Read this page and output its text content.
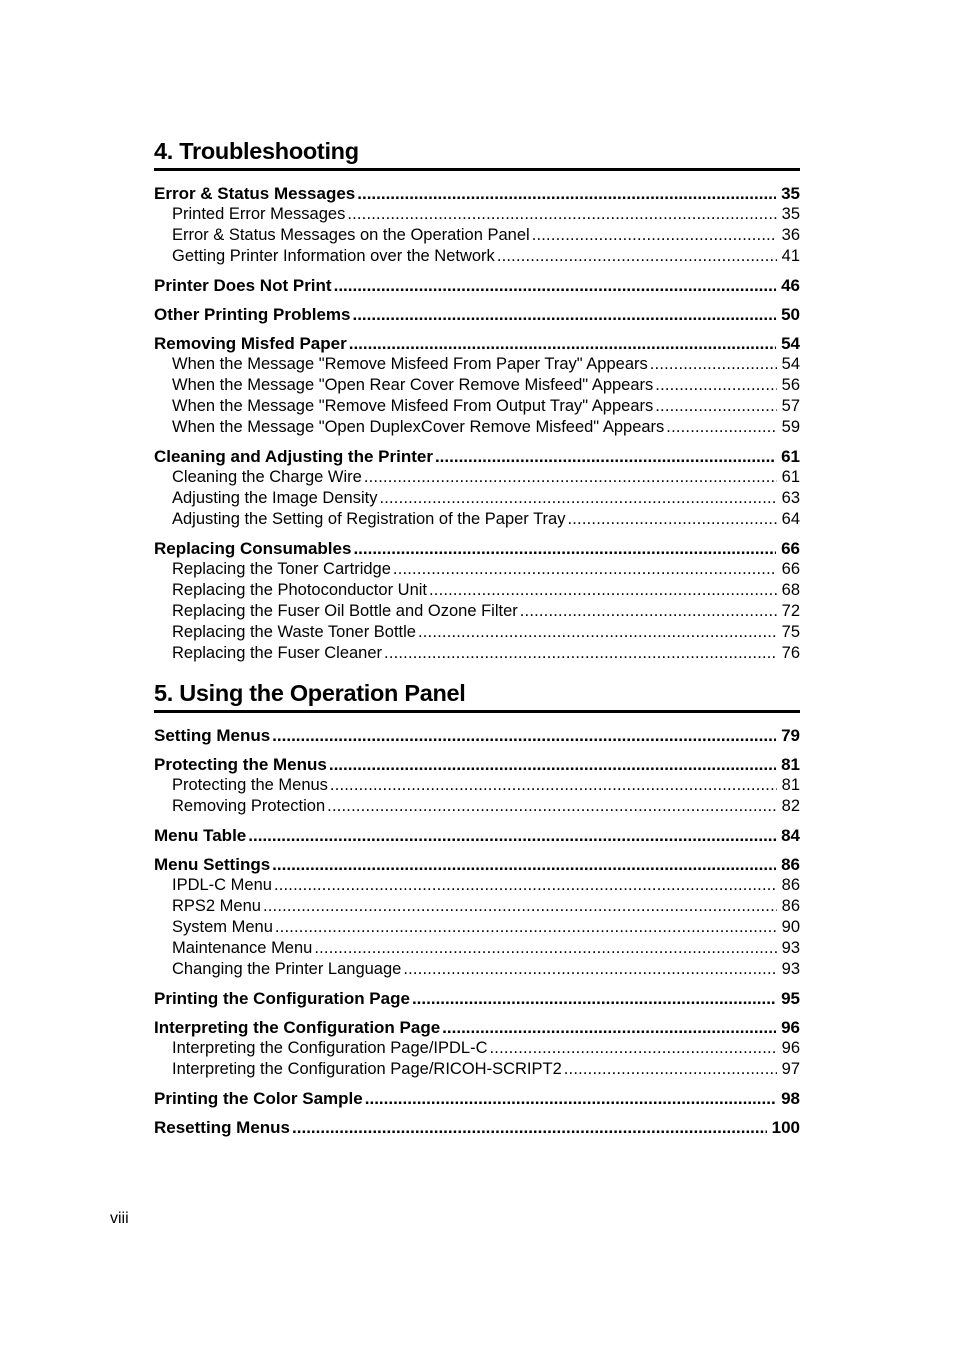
4. Troubleshooting
Error & Status Messages .....	35
Printed Error Messages .....	35
Error & Status Messages on the Operation Panel .....	36
Getting Printer Information over the Network .....	41
Printer Does Not Print .....	46
Other Printing Problems .....	50
Removing Misfed Paper .....	54
When the Message "Remove Misfeed From Paper Tray" Appears .....	54
When the Message "Open Rear Cover Remove Misfeed" Appears .....	56
When the Message "Remove Misfeed From Output Tray" Appears .....	57
When the Message "Open DuplexCover Remove Misfeed" Appears .....	59
Cleaning and Adjusting the Printer .....	61
Cleaning the Charge Wire .....	61
Adjusting the Image Density .....	63
Adjusting the Setting of Registration of the Paper Tray .....	64
Replacing Consumables .....	66
Replacing the Toner Cartridge .....	66
Replacing the Photoconductor Unit .....	68
Replacing the Fuser Oil Bottle and Ozone Filter .....	72
Replacing the Waste Toner Bottle .....	75
Replacing the Fuser Cleaner .....	76
5. Using the Operation Panel
Setting Menus .....	79
Protecting the Menus .....	81
Protecting the Menus .....	81
Removing Protection .....	82
Menu Table .....	84
Menu Settings .....	86
IPDL-C Menu .....	86
RPS2 Menu .....	86
System Menu .....	90
Maintenance Menu .....	93
Changing the Printer Language .....	93
Printing the Configuration Page .....	95
Interpreting the Configuration Page .....	96
Interpreting the Configuration Page/IPDL-C .....	96
Interpreting the Configuration Page/RICOH-SCRIPT2 .....	97
Printing the Color Sample .....	98
Resetting Menus .....	100
viii
